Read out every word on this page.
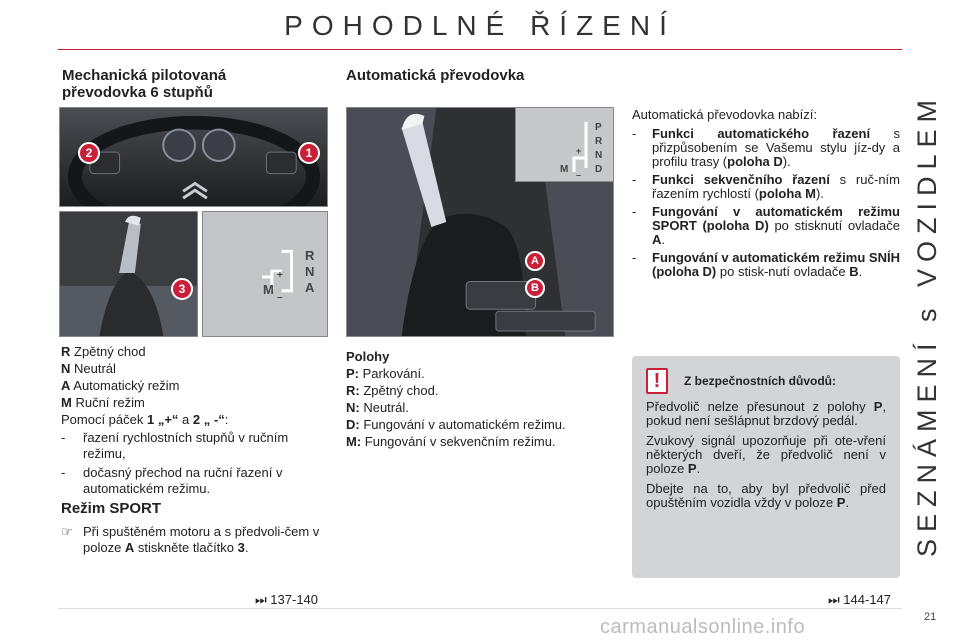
POHODLNÉ ŘÍZENÍ
SEZNÁMENÍ s VOZIDLEM
Mechanická pilotovaná
převodovka 6 stupňů
2	1
3
R
N
A
M
+
–
R Zpětný chod
N Neutrál
A Automatický režim
M Ruční režim
Pomocí páček 1 „+“ a 2 „ -“:
- řazení rychlostních stupňů v ručním režimu,
- dočasný přechod na ruční řazení v automatickém režimu.
Režim SPORT
☞ Při spuštěném motoru a s předvoli-čem v poloze A stiskněte tlačítko 3.
⏭ 137-140
Automatická převodovka
A
B
P
R
N
D
M
+
–
Polohy
P: Parkování.
R: Zpětný chod.
N: Neutrál.
D: Fungování v automatickém režimu.
M: Fungování v sekvenčním režimu.
Automatická převodovka nabízí:
- Funkci automatického řazení s přizpůsobením se Vašemu stylu jíz-dy a profilu trasy (poloha D).
- Funkci sekvenčního řazení s ruč-ním řazením rychlostí (poloha M).
- Fungování v automatickém režimu SPORT (poloha D) po stisknutí ovladače A.
- Fungování v automatickém režimu SNÍH (poloha D) po stisk-nutí ovladače B.
!	Z bezpečnostních důvodů:

Předvolič nelze přesunout z polohy P, pokud není sešlápnut brzdový pedál.

Zvukový signál upozorňuje při ote-vření některých dveří, že předvolič není v poloze P.

Dbejte na to, aby byl předvolič před opuštěním vozidla vždy v poloze P.

⏭ 144-147
21
carmanualsonline.info
